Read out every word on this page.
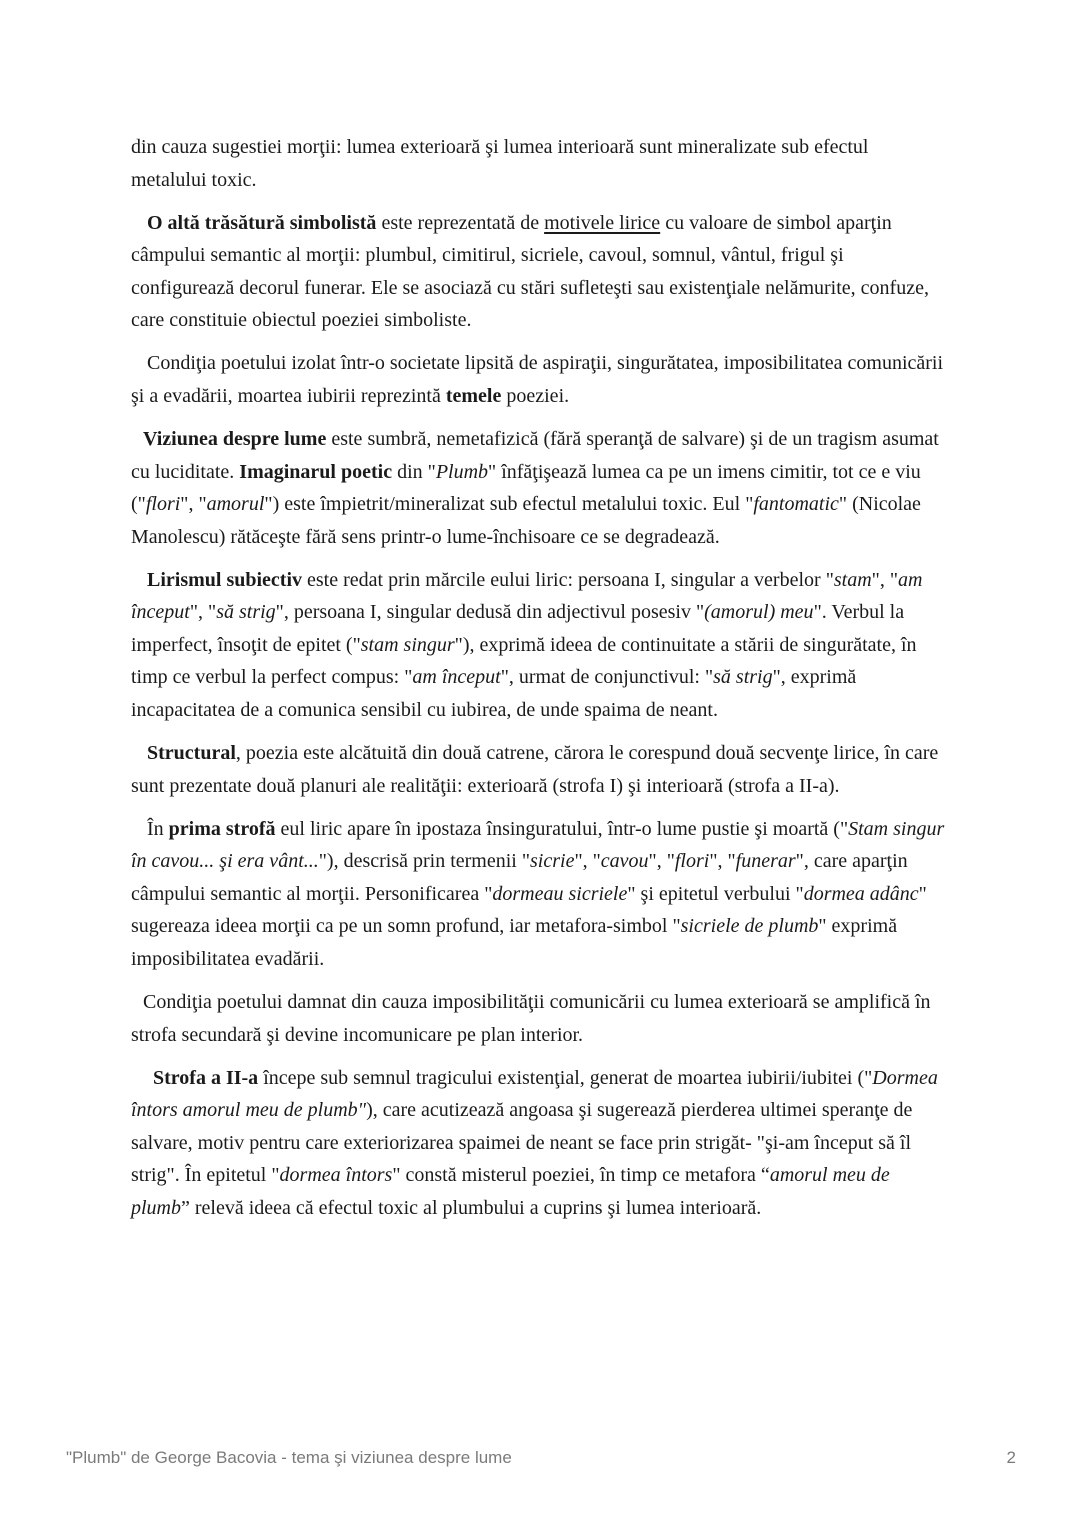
din cauza sugestiei morţii: lumea exterioară şi lumea interioară sunt mineralizate sub efectul metalului toxic.

O altă trăsătură simbolistă este reprezentată de motivele lirice cu valoare de simbol aparţin câmpului semantic al morţii: plumbul, cimitirul, sicriele, cavoul, somnul, vântul, frigul şi configurează decorul funerar. Ele se asociază cu stări sufleteşti sau existenţiale nelămurite, confuze, care constituie obiectul poeziei simboliste.

Condiţia poetului izolat într-o societate lipsită de aspiraţii, singurătatea, imposibilitatea comunicării şi a evadării, moartea iubirii reprezintă temele poeziei.

Viziunea despre lume este sumbră, nemetafizică (fără speranţă de salvare) şi de un tragism asumat cu luciditate. Imaginarul poetic din "Plumb" înfăţişează lumea ca pe un imens cimitir, tot ce e viu ("flori", "amorul") este împietrit/mineralizat sub efectul metalului toxic. Eul "fantomatic" (Nicolae Manolescu) rătăceşte fără sens printr-o lume-închisoare ce se degradează.

Lirismul subiectiv este redat prin mărcile eului liric: persoana I, singular a verbelor "stam", "am început", "să strig", persoana I, singular dedusă din adjectivul posesiv "(amorul) meu". Verbul la imperfect, însoţit de epitet ("stam singur"), exprimă ideea de continuitate a stării de singurătate, în timp ce verbul la perfect compus: "am început", urmat de conjunctivul: "să strig", exprimă incapacitatea de a comunica sensibil cu iubirea, de unde spaima de neant.

Structural, poezia este alcătuită din două catrene, cărora le corespund două secvenţe lirice, în care sunt prezentate două planuri ale realităţii: exterioară (strofa I) şi interioară (strofa a II-a).

În prima strofă eul liric apare în ipostaza însinguratului, într-o lume pustie şi moartă ("Stam singur în cavou... şi era vânt..."), descrisă prin termenii "sicrie", "cavou", "flori", "funerar", care aparţin câmpului semantic al morţii. Personificarea "dormeau sicriele" şi epitetul verbului "dormea adânc" sugereaza ideea morţii ca pe un somn profund, iar metafora-simbol "sicriele de plumb" exprimă imposibilitatea evadării.

Condiţia poetului damnat din cauza imposibilităţii comunicării cu lumea exterioară se amplifică în strofa secundară şi devine incomunicare pe plan interior.

Strofa a II-a începe sub semnul tragicului existenţial, generat de moartea iubirii/iubitei ("Dormea întors amorul meu de plumb"), care acutizează angoasa şi sugerează pierderea ultimei speranţe de salvare, motiv pentru care exteriorizarea spaimei de neant se face prin strigăt- "şi-am început să îl strig". În epitetul "dormea întors" constă misterul poeziei, în timp ce metafora “amorul meu de plumb” relevă ideea că efectul toxic al plumbului a cuprins şi lumea interioară.

"Plumb" de George Bacovia - tema şi viziunea despre lume	2
